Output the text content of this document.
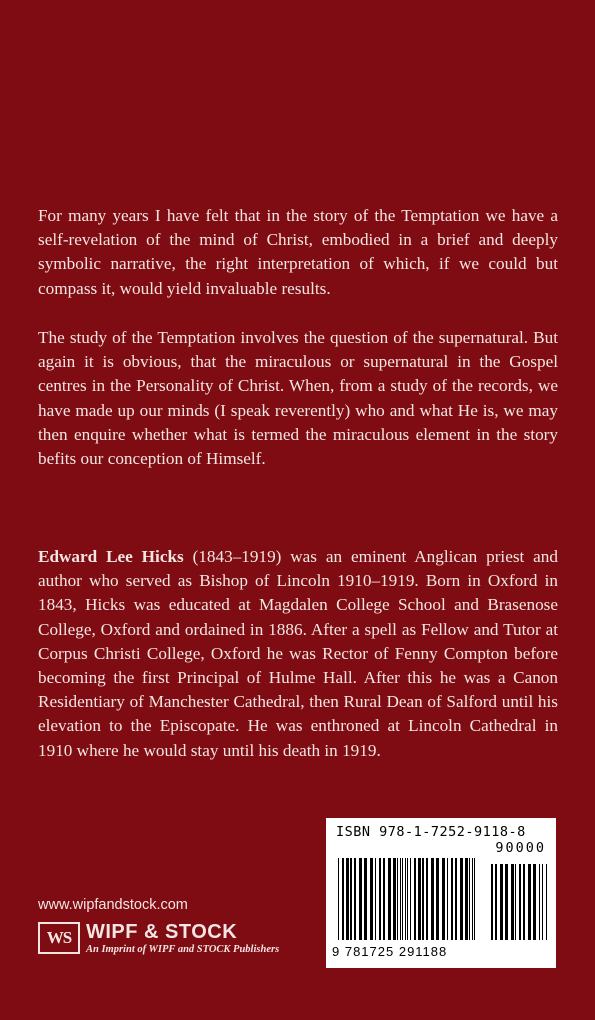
For many years I have felt that in the story of the Temptation we have a self-revelation of the mind of Christ, embodied in a brief and deeply symbolic narrative, the right interpretation of which, if we could but compass it, would yield invaluable results.

The study of the Temptation involves the question of the supernatural. But again it is obvious, that the miraculous or supernatural in the Gospel centres in the Personality of Christ. When, from a study of the records, we have made up our minds (I speak reverently) who and what He is, we may then enquire whether what is termed the miraculous element in the story befits our conception of Himself.

Edward Lee Hicks (1843–1919) was an eminent Anglican priest and author who served as Bishop of Lincoln 1910–1919. Born in Oxford in 1843, Hicks was educated at Magdalen College School and Brasenose College, Oxford and ordained in 1886. After a spell as Fellow and Tutor at Corpus Christi College, Oxford he was Rector of Fenny Compton before becoming the first Principal of Hulme Hall. After this he was a Canon Residentiary of Manchester Cathedral, then Rural Dean of Salford until his elevation to the Episcopate. He was enthroned at Lincoln Cathedral in 1910 where he would stay until his death in 1919.

ISBN 978-1-7252-9118-8
90000
9 781725 291188
www.wipfandstock.com
WS WIPF & STOCK
An Imprint of WIPF and STOCK Publishers
